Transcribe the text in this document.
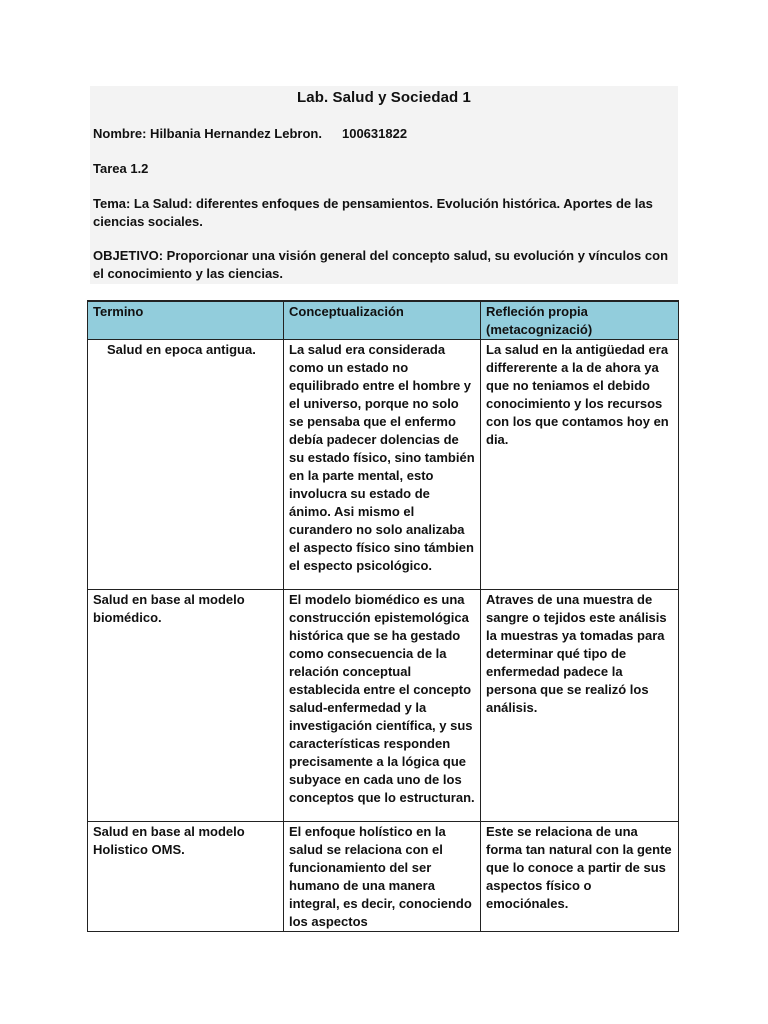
Lab. Salud y Sociedad 1
Nombre: Hilbania Hernandez Lebron. 100631822
Tarea 1.2
Tema: La Salud: diferentes enfoques de pensamientos. Evolución histórica. Aportes de las ciencias sociales.
OBJETIVO: Proporcionar una visión general del concepto salud, su evolución y vínculos con el conocimiento y las ciencias.
Termino	Conceptualización	Refleción propia (metacognizació)
Salud en epoca antigua.	La salud era considerada como un estado no equilibrado entre el hombre y el universo, porque no solo se pensaba que el enfermo debía padecer dolencias de su estado físico, sino también en la parte mental, esto involucra su estado de ánimo. Asi mismo el curandero no solo analizaba el aspecto físico sino támbien el especto psicológico.	La salud en la antigüedad era differerente a la de ahora ya que no teniamos el debido conocimiento y los recursos con los que contamos hoy en dia.
Salud en base al modelo biomédico.	El modelo biomédico es una construcción epistemológica histórica que se ha gestado como consecuencia de la relación conceptual establecida entre el concepto salud-enfermedad y la investigación científica, y sus características responden precisamente a la lógica que subyace en cada uno de los conceptos que lo estructuran.	Atraves de una muestra de sangre o tejidos este análisis la muestras ya tomadas para determinar qué tipo de enfermedad padece la persona que se realizó los análisis.
Salud en base al modelo Holistico OMS.	El enfoque holístico en la salud se relaciona con el funcionamiento del ser humano de una manera integral, es decir, conociendo los aspectos	Este se relaciona de una forma tan natural con la gente que lo conoce a partir de sus aspectos físico o emociónales.
